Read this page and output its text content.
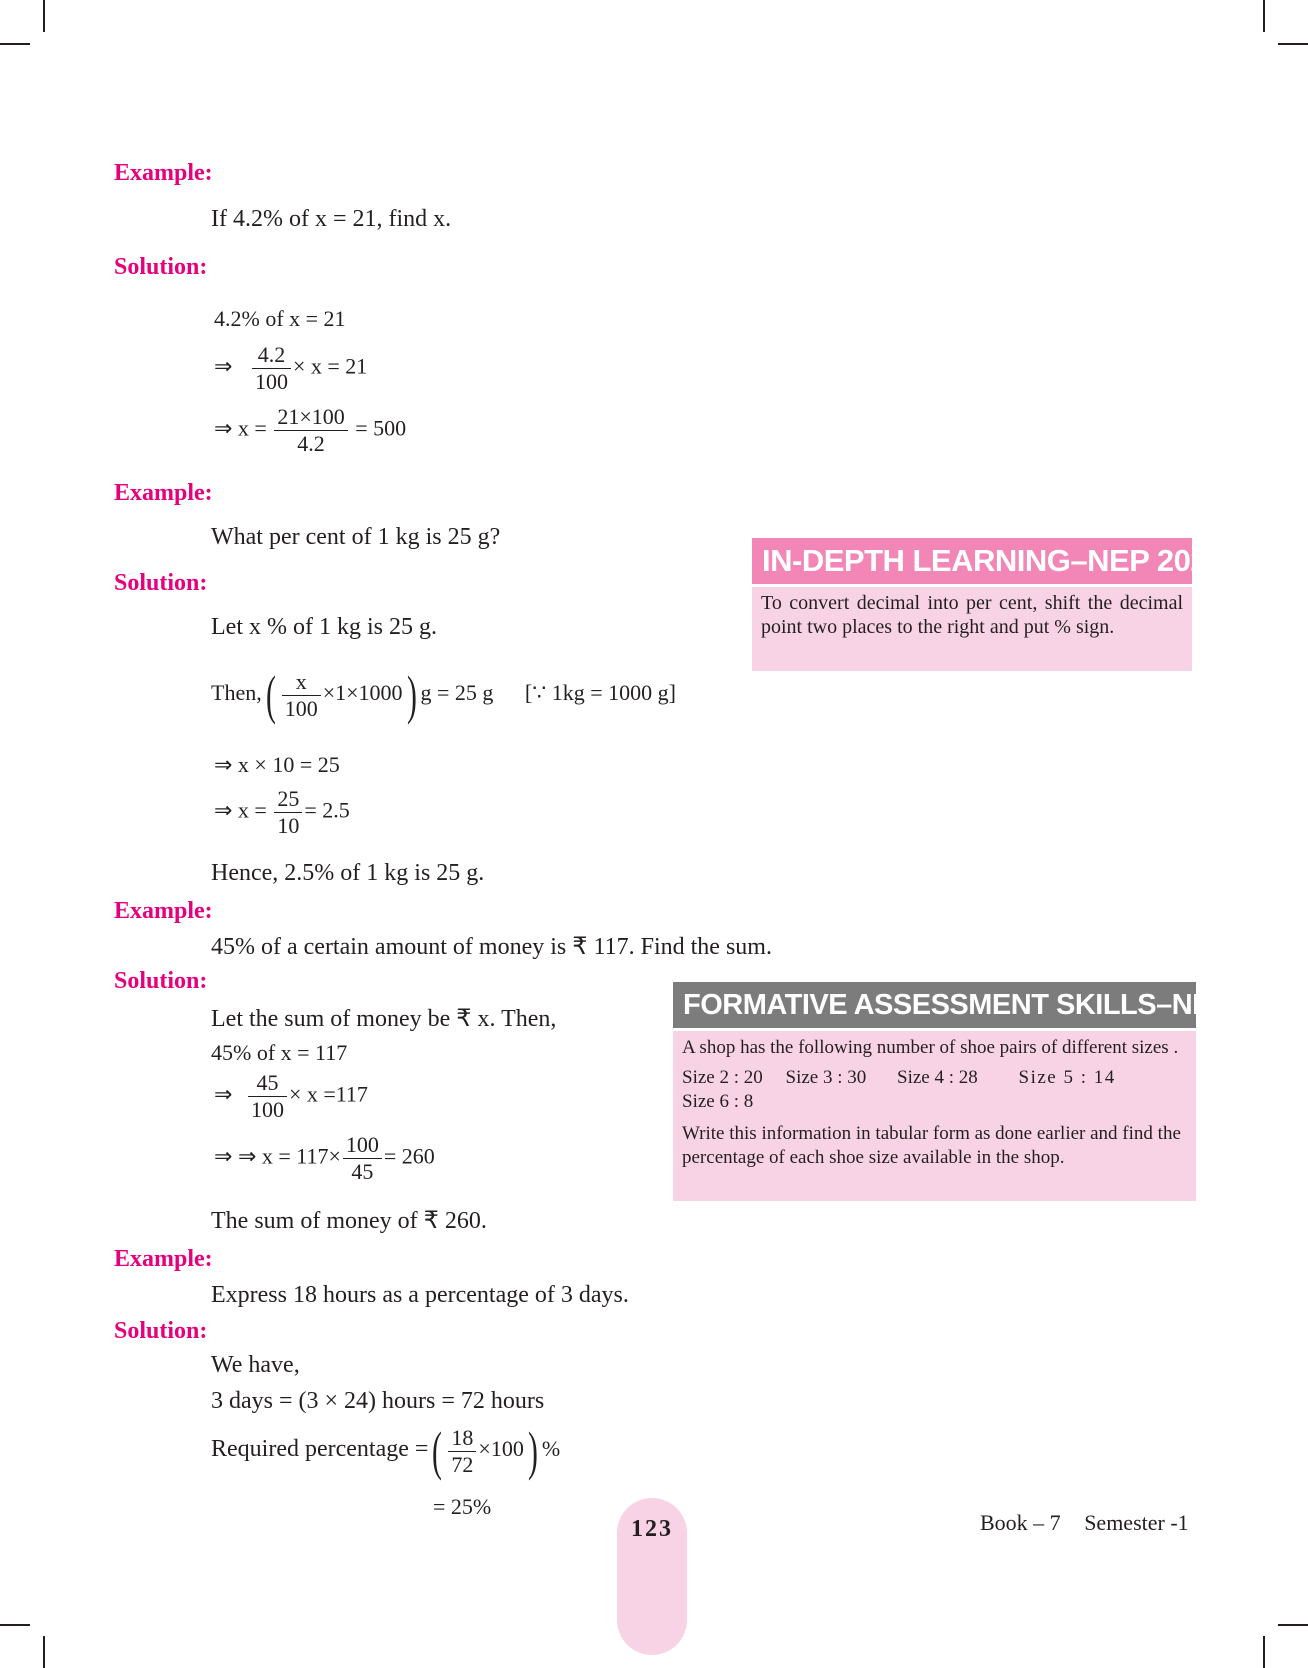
Example:
If 4.2% of x = 21, find x.
Solution:
4.2% of x = 21
⇒ $\frac{4.2}{100} \times x = 21$
⇒ $x = \frac{21\times 100}{4.2} = 500$
Example:
What per cent of 1 kg is 25 g?
Solution:
Let x % of 1 kg is 25 g.
Then,( $\frac{x}{100} \times 1\times 1000$) g = 25 g [∵ 1kg = 1000 g]
⇒ x × 10 = 25
⇒ $x = \frac{25}{10} = 2.5$
Hence, 2.5% of 1 kg is 25 g.
Example:
45% of a certain amount of money is ₹ 117. Find the sum.
Solution:
Let the sum of money be ₹ x. Then,
45% of x = 117
⇒ $\frac{45}{100} \times x =117$
⇒ ⇒ $x = 117\times \frac{100}{45} = 260$
The sum of money of ₹ 260.
Example:
Express 18 hours as a percentage of 3 days.
Solution:
We have,
3 days = (3 × 24) hours = 72 hours
Required percentage =( $\frac{18}{72} \times 100$) %
= 25%
IN-DEPTH LEARNING–NEP 2020
To convert decimal into per cent, shift the decimal point two places to the right and put % sign.
FORMATIVE ASSESSMENT SKILLS–NEP 2020
A shop has the following number of shoe pairs of different sizes .
Size 2 : 20 Size 3 : 30 Size 4 : 28 Size 5 : 14
Size 6 : 8
Write this information in tabular form as done earlier and find the percentage of each shoe size available in the shop.
123	Book – 7 Semester -1
